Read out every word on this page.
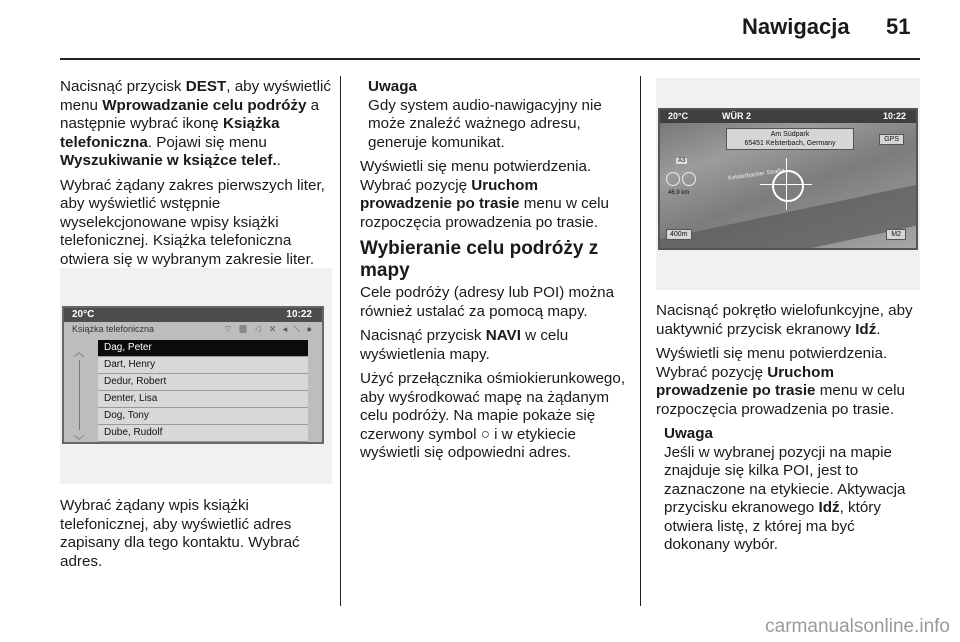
Nawigacja 51

Nacisnąć przycisk DEST, aby wyświetlić menu Wprowadzanie celu podróży a następnie wybrać ikonę Książka telefoniczna. Pojawi się menu Wyszukiwanie w książce telef..

Wybrać żądany zakres pierwszych liter, aby wyświetlić wstępnie wyselekcjonowane wpisy książki telefonicznej. Książka telefoniczna otwiera się w wybranym zakresie liter.

20°C	10:22
Książka telefoniczna	⌔ ▤ ◁ ✕ ◂ ⟍ ●
︿
﹀
Dag, Peter
Dart, Henry
Dedur, Robert
Denter, Lisa
Dog, Tony
Dube, Rudolf

Wybrać żądany wpis książki telefonicznej, aby wyświetlić adres zapisany dla tego kontaktu. Wybrać adres.

Uwaga

Gdy system audio-nawigacyjny nie może znaleźć ważnego adresu, generuje komunikat.

Wyświetli się menu potwierdzenia.

Wybrać pozycję Uruchom prowadzenie po trasie menu w celu rozpoczęcia prowadzenia po trasie.

Wybieranie celu podróży z mapy

Cele podróży (adresy lub POI) można również ustalać za pomocą mapy.

Nacisnąć przycisk NAVI w celu wyświetlenia mapy.

Użyć przełącznika ośmiokierunkowego, aby wyśrodkować mapę na żądanym celu podróży. Na mapie pokaże się czerwony symbol ○ i w etykiecie wyświetli się odpowiedni adres.

20°C	WÜR 2	10:22
Am Südpark
65451 Kelsterbach, Germany
GPS
A3
Kelsterbacher Straße
46,9 km
400m	M2

Nacisnąć pokrętło wielofunkcyjne, aby uaktywnić przycisk ekranowy Idź.

Wyświetli się menu potwierdzenia.

Wybrać pozycję Uruchom prowadzenie po trasie menu w celu rozpoczęcia prowadzenia po trasie.

Uwaga

Jeśli w wybranej pozycji na mapie znajduje się kilka POI, jest to zaznaczone na etykiecie. Aktywacja przycisku ekranowego Idź, który otwiera listę, z której ma być dokonany wybór.

carmanualsonline.info
